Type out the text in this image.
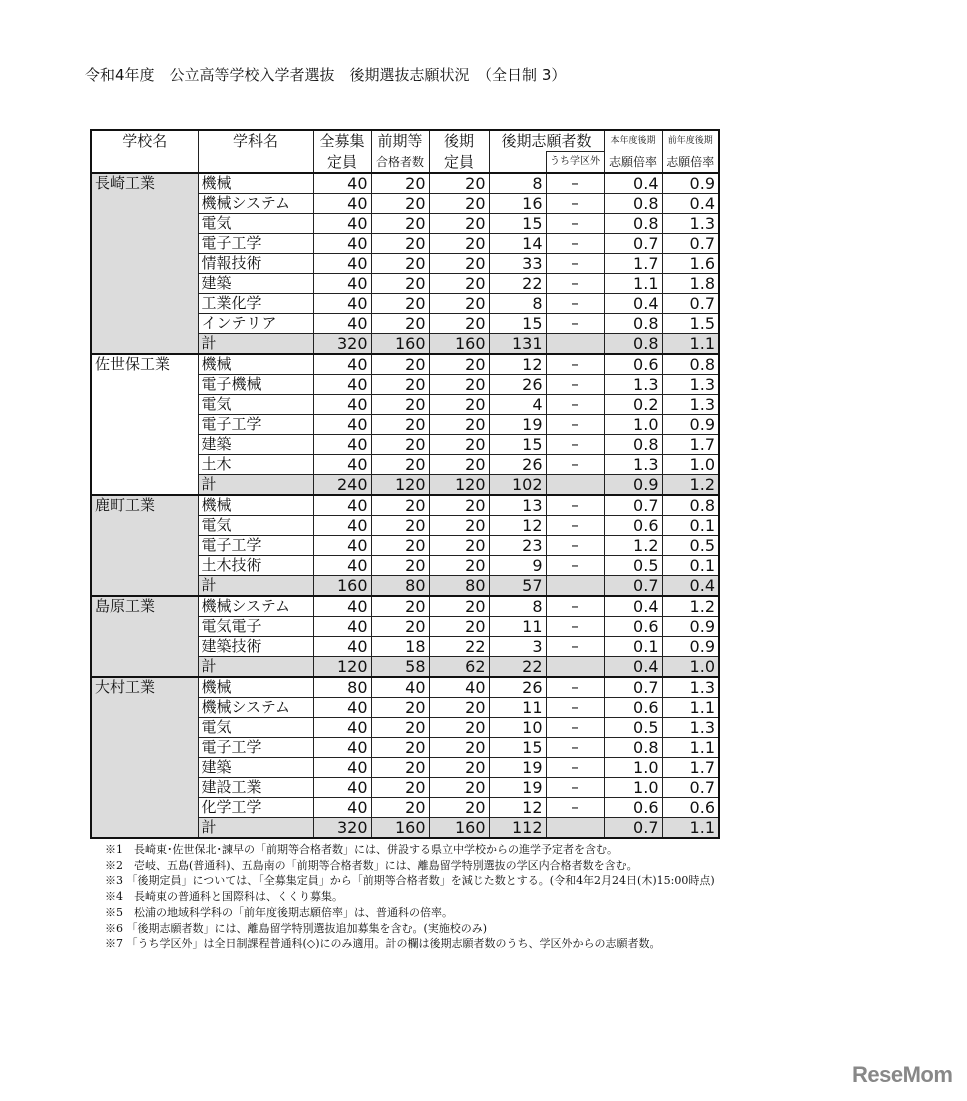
令和4年度　公立高等学校入学者選抜　後期選抜志願状況　（全日制 3）
学校名	学科名	全募集	前期等	後期	後期志願者数		本年度後期	前年度後期
		定員	合格者数	定員		うち学区外	志願倍率	志願倍率
長崎工業	機械	40	20	20	8	–	0.4	0.9
	機械システム	40	20	20	16	–	0.8	0.4
	電気	40	20	20	15	–	0.8	1.3
	電子工学	40	20	20	14	–	0.7	0.7
	情報技術	40	20	20	33	–	1.7	1.6
	建築	40	20	20	22	–	1.1	1.8
	工業化学	40	20	20	8	–	0.4	0.7
	インテリア	40	20	20	15	–	0.8	1.5
	計	320	160	160	131		0.8	1.1
佐世保工業	機械	40	20	20	12	–	0.6	0.8
	電子機械	40	20	20	26	–	1.3	1.3
	電気	40	20	20	4	–	0.2	1.3
	電子工学	40	20	20	19	–	1.0	0.9
	建築	40	20	20	15	–	0.8	1.7
	土木	40	20	20	26	–	1.3	1.0
	計	240	120	120	102		0.9	1.2
鹿町工業	機械	40	20	20	13	–	0.7	0.8
	電気	40	20	20	12	–	0.6	0.1
	電子工学	40	20	20	23	–	1.2	0.5
	土木技術	40	20	20	9	–	0.5	0.1
	計	160	80	80	57		0.7	0.4
島原工業	機械システム	40	20	20	8	–	0.4	1.2
	電気電子	40	20	20	11	–	0.6	0.9
	建築技術	40	18	22	3	–	0.1	0.9
	計	120	58	62	22		0.4	1.0
大村工業	機械	80	40	40	26	–	0.7	1.3
	機械システム	40	20	20	11	–	0.6	1.1
	電気	40	20	20	10	–	0.5	1.3
	電子工学	40	20	20	15	–	0.8	1.1
	建築	40	20	20	19	–	1.0	1.7
	建設工業	40	20	20	19	–	1.0	0.7
	化学工学	40	20	20	12	–	0.6	0.6
	計	320	160	160	112		0.7	1.1
※1　長崎東･佐世保北･諫早の「前期等合格者数」には、併設する県立中学校からの進学予定者を含む。
※2　壱岐、五島(普通科)、五島南の「前期等合格者数」には、離島留学特別選抜の学区内合格者数を含む。
※3 「後期定員」については、「全募集定員」から「前期等合格者数」を減じた数とする。(令和4年2月24日(木)15:00時点)
※4　長崎東の普通科と国際科は、くくり募集。
※5　松浦の地域科学科の「前年度後期志願倍率」は、普通科の倍率。
※6 「後期志願者数」には、離島留学特別選抜追加募集を含む。(実施校のみ)
※7 「うち学区外」は全日制課程普通科(◇)にのみ適用。計の欄は後期志願者数のうち、学区外からの志願者数。
ReseMom
